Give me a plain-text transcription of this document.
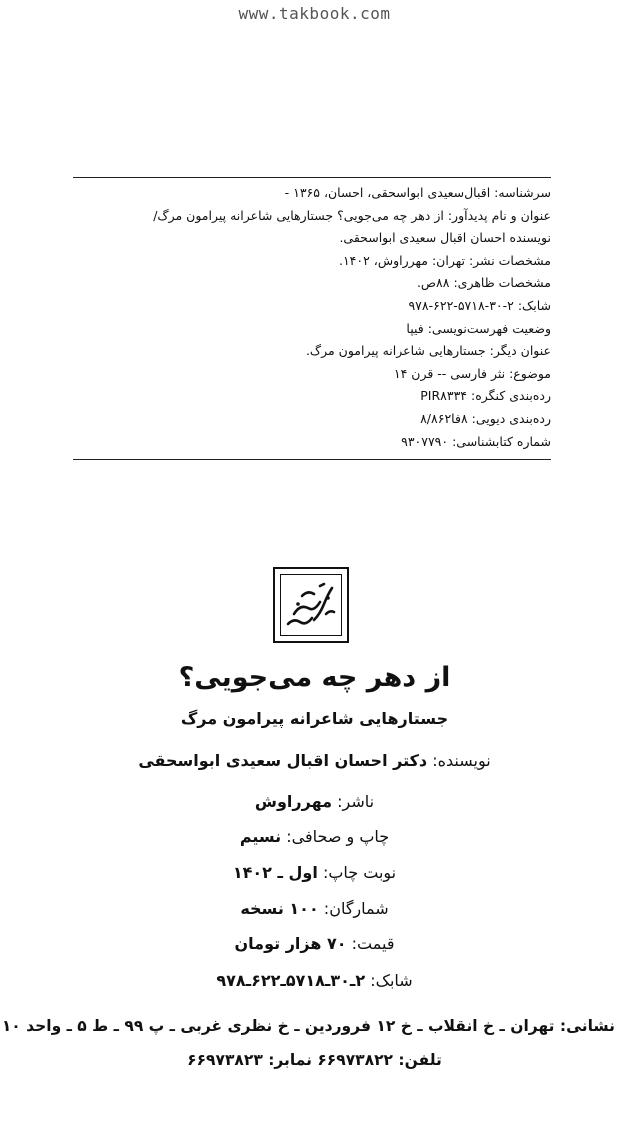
www.takbook.com
سرشناسه: اقبال‌سعیدی ابواسحقی، احسان، ۱۳۶۵ -
عنوان و نام پدیدآور: از دهر چه می‌جویی؟ جستارهایی شاعرانه پیرامون مرگ/
نویسنده احسان اقبال سعیدی ابواسحقی.
مشخصات نشر: تهران: مهرراوش، ۱۴۰۲.
مشخصات ظاهری: ۸۸ص.
شابک: ۲-۳۰-۵۷۱۸-۶۲۲-۹۷۸
وضعیت فهرست‌نویسی: فیپا
عنوان دیگر: جستارهایی شاعرانه پیرامون مرگ.
موضوع: نثر فارسی -- قرن ۱۴
رده‌بندی کنگره: PIR۸۳۳۴
رده‌بندی دیویی: ۸فا۸/۸۶۲
شماره کتابشناسی: ۹۳۰۷۷۹۰
از دهر چه می‌جویی؟
جستارهایی شاعرانه پیرامون مرگ
نویسنده: دکتر احسان اقبال سعیدی ابواسحقی
ناشر: مهرراوش
چاپ و صحافی: نسیم
نوبت چاپ: اول ـ ۱۴۰۲
شمارگان: ۱۰۰ نسخه
قیمت: ۷۰ هزار تومان
شابک: ۲ـ۳۰ـ۵۷۱۸ـ۶۲۲ـ۹۷۸
نشانی: تهران ـ خ انقلاب ـ خ ۱۲ فروردین ـ خ نظری غربی ـ پ ۹۹ ـ ط ۵ ـ واحد ۱۰
تلفن: ۶۶۹۷۳۸۲۲ نمابر: ۶۶۹۷۳۸۲۳
